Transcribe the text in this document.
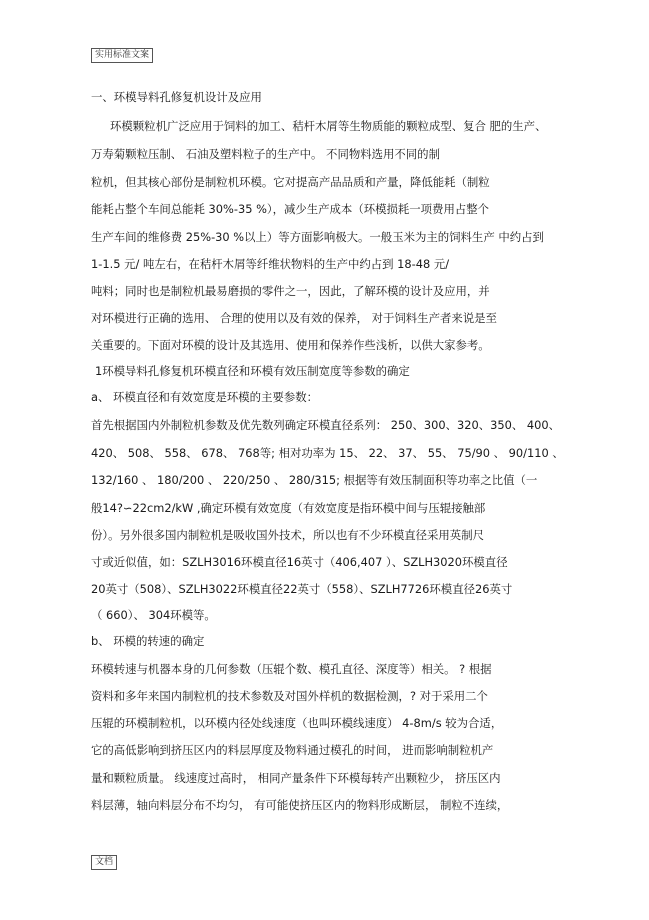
实用标准文案

一、环模导料孔修复机设计及应用

环模颗粒机广泛应用于饲料的加工、秸杆木屑等生物质能的颗粒成型、复合 肥的生产、

万寿菊颗粒压制、 石油及塑料粒子的生产中。 不同物料选用不同的制

粒机，但其核心部份是制粒机环模。它对提高产品品质和产量，降低能耗（制粒

能耗占整个车间总能耗 30%-35 %），减少生产成本（环模损耗一项费用占整个

生产车间的维修费 25%-30 %以上）等方面影响极大。一般玉米为主的饲料生产 中约占到

1-1.5 元/ 吨左右，在秸杆木屑等纤维状物料的生产中约占到 18-48 元/

吨料；同时也是制粒机最易磨损的零件之一，因此，了解环模的设计及应用，并

对环模进行正确的选用、 合理的使用以及有效的保养， 对于饲料生产者来说是至

关重要的。下面对环模的设计及其选用、使用和保养作些浅析，以供大家参考。

1环模导料孔修复机环模直径和环模有效压制宽度等参数的确定

a、 环模直径和有效宽度是环模的主要参数：

首先根据国内外制粒机参数及优先数列确定环模直径系列： 250、300、320、350、 400、

420、 508、 558、 678、 768等; 相对功率为 15、 22、 37、 55、 75/90 、 90/110 、

132/160 、 180/200 、 220/250 、 280/315; 根据等有效压制面积等功率之比值（一

般14?∽22cm2/kW ,确定环模有效宽度（有效宽度是指环模中间与压辊接触部

份）。另外很多国内制粒机是吸收国外技术，所以也有不少环模直径采用英制尺

寸或近似值，如：SZLH3016环模直径16英寸（406,407 ）、SZLH3020环模直径

20英寸（508）、SZLH3022环模直径22英寸（558）、SZLH7726环模直径26英寸

（ 660）、 304环模等。

b、 环模的转速的确定

环模转速与机器本身的几何参数（压辊个数、模孔直径、深度等）相关。 ? 根据

资料和多年来国内制粒机的技术参数及对国外样机的数据检测，? 对于采用二个

压辊的环模制粒机，以环模内径处线速度（也叫环模线速度） 4-8m/s 较为合适，

它的高低影响到挤压区内的料层厚度及物料通过模孔的时间， 进而影响制粒机产

量和颗粒质量。 线速度过高时， 相同产量条件下环模每转产出颗粒少， 挤压区内

料层薄，轴向料层分布不均匀， 有可能使挤压区内的物料形成断层， 制粒不连续，

文档
